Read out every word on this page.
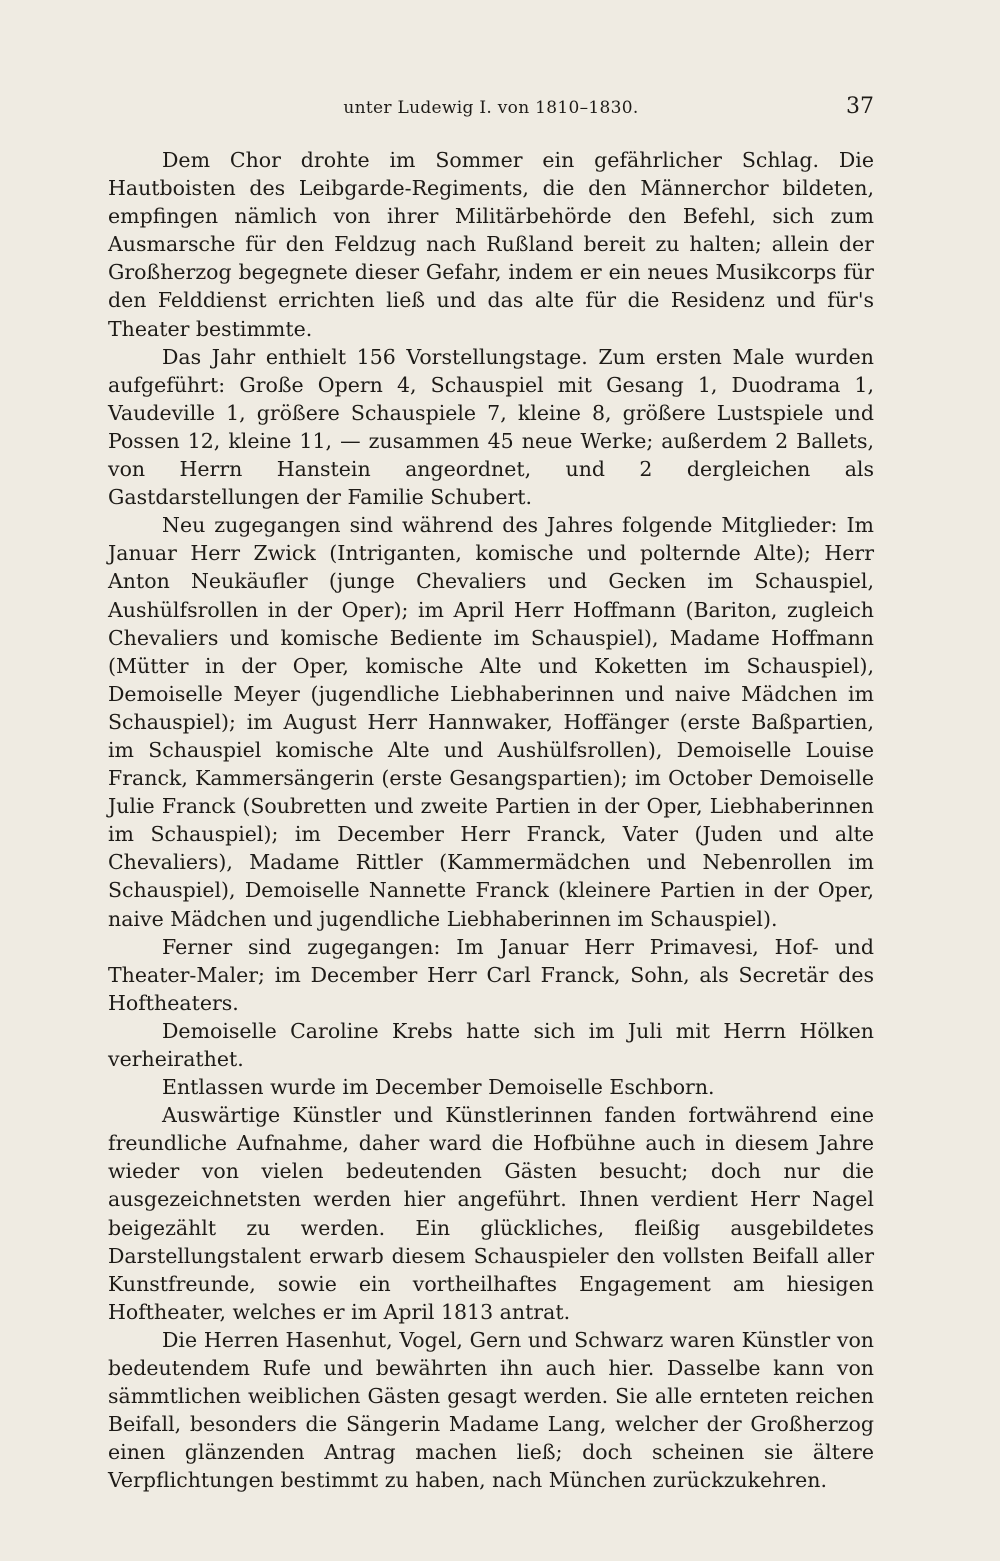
unter Ludewig I. von 1810–1830.	37

Dem Chor drohte im Sommer ein gefährlicher Schlag. Die Hautboisten des Leibgarde-Regiments, die den Männerchor bildeten, empfingen nämlich von ihrer Militärbehörde den Befehl, sich zum Ausmarsche für den Feldzug nach Rußland bereit zu halten; allein der Großherzog begegnete dieser Gefahr, indem er ein neues Musikcorps für den Felddienst errichten ließ und das alte für die Residenz und für's Theater bestimmte.

Das Jahr enthielt 156 Vorstellungstage. Zum ersten Male wurden aufgeführt: Große Opern 4, Schauspiel mit Gesang 1, Duodrama 1, Vaudeville 1, größere Schauspiele 7, kleine 8, größere Lustspiele und Possen 12, kleine 11, — zusammen 45 neue Werke; außerdem 2 Ballets, von Herrn Hanstein angeordnet, und 2 dergleichen als Gastdarstellungen der Familie Schubert.

Neu zugegangen sind während des Jahres folgende Mitglieder: Im Januar Herr Zwick (Intriganten, komische und polternde Alte); Herr Anton Neukäufler (junge Chevaliers und Gecken im Schauspiel, Aushülfsrollen in der Oper); im April Herr Hoffmann (Bariton, zugleich Chevaliers und komische Bediente im Schauspiel), Madame Hoffmann (Mütter in der Oper, komische Alte und Koketten im Schauspiel), Demoiselle Meyer (jugendliche Liebhaberinnen und naive Mädchen im Schauspiel); im August Herr Hannwaker, Hoffänger (erste Baßpartien, im Schauspiel komische Alte und Aushülfsrollen), Demoiselle Louise Franck, Kammersängerin (erste Gesangspartien); im October Demoiselle Julie Franck (Soubretten und zweite Partien in der Oper, Liebhaberinnen im Schauspiel); im December Herr Franck, Vater (Juden und alte Chevaliers), Madame Rittler (Kammermädchen und Nebenrollen im Schauspiel), Demoiselle Nannette Franck (kleinere Partien in der Oper, naive Mädchen und jugendliche Liebhaberinnen im Schauspiel).

Ferner sind zugegangen: Im Januar Herr Primavesi, Hof- und Theater-Maler; im December Herr Carl Franck, Sohn, als Secretär des Hoftheaters.

Demoiselle Caroline Krebs hatte sich im Juli mit Herrn Hölken verheirathet.

Entlassen wurde im December Demoiselle Eschborn.

Auswärtige Künstler und Künstlerinnen fanden fortwährend eine freundliche Aufnahme, daher ward die Hofbühne auch in diesem Jahre wieder von vielen bedeutenden Gästen besucht; doch nur die ausgezeichnetsten werden hier angeführt. Ihnen verdient Herr Nagel beigezählt zu werden. Ein glückliches, fleißig ausgebildetes Darstellungstalent erwarb diesem Schauspieler den vollsten Beifall aller Kunstfreunde, sowie ein vortheilhaftes Engagement am hiesigen Hoftheater, welches er im April 1813 antrat.

Die Herren Hasenhut, Vogel, Gern und Schwarz waren Künstler von bedeutendem Rufe und bewährten ihn auch hier. Dasselbe kann von sämmtlichen weiblichen Gästen gesagt werden. Sie alle ernteten reichen Beifall, besonders die Sängerin Madame Lang, welcher der Großherzog einen glänzenden Antrag machen ließ; doch scheinen sie ältere Verpflichtungen bestimmt zu haben, nach München zurückzukehren.
